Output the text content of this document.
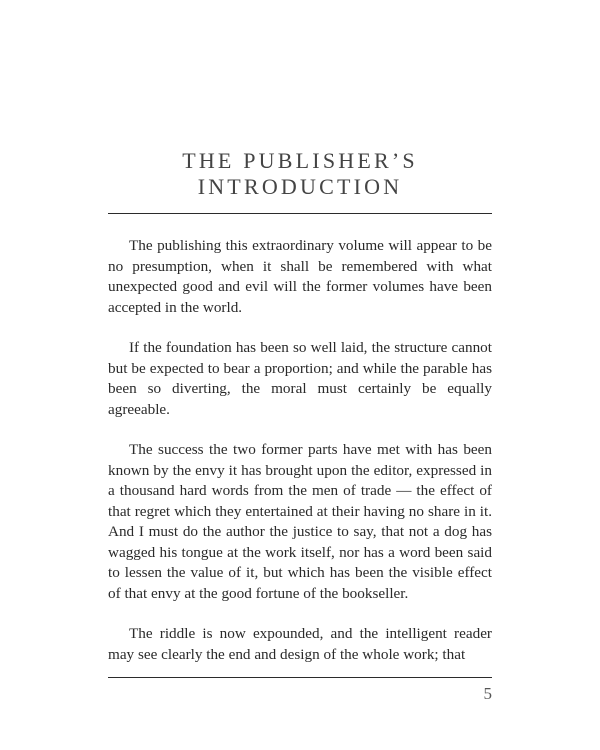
THE PUBLISHER’S
INTRODUCTION

The publishing this extraordinary volume will appear to be no presumption, when it shall be remembered with what unexpected good and evil will the former volumes have been accepted in the world.

If the foundation has been so well laid, the structure cannot but be expected to bear a proportion; and while the parable has been so diverting, the moral must certainly be equally agreeable.

The success the two former parts have met with has been known by the envy it has brought upon the editor, expressed in a thousand hard words from the men of trade — the effect of that regret which they entertained at their having no share in it. And I must do the author the justice to say, that not a dog has wagged his tongue at the work itself, nor has a word been said to lessen the value of it, but which has been the visible effect of that envy at the good fortune of the bookseller.

The riddle is now expounded, and the intelligent reader may see clearly the end and design of the whole work; that

5
